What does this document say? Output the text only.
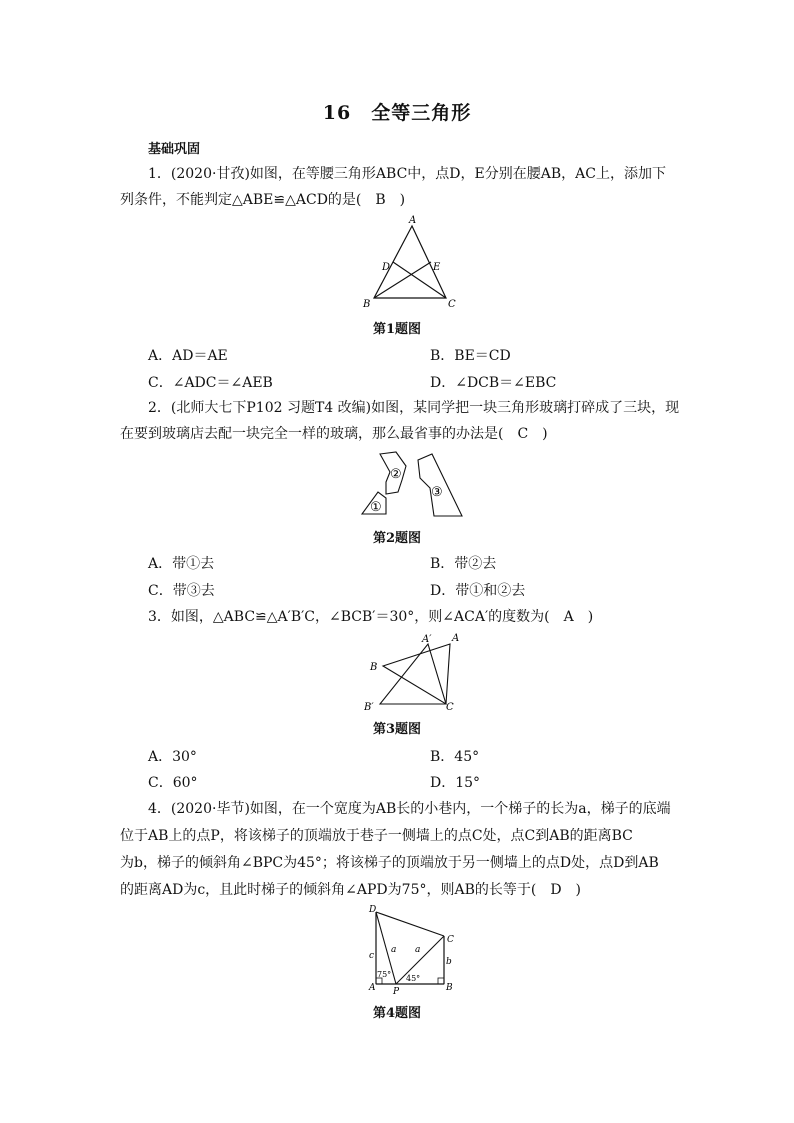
16　全等三角形
基础巩固
1．(2020·甘孜)如图，在等腰三角形ABC中，点D，E分别在腰AB，AC上，添加下
列条件，不能判定△ABE≌△ACD的是(　B　)
A
B	C
D	E
第1题图
A．AD＝AE	B．BE＝CD
C．∠ADC＝∠AEB	D．∠DCB＝∠EBC
2．(北师大七下P102 习题T4 改编)如图，某同学把一块三角形玻璃打碎成了三块，现
在要到玻璃店去配一块完全一样的玻璃，那么最省事的办法是(　C　)
②
①
③
第2题图
A．带①去	B．带②去
C．带③去	D．带①和②去
3．如图，△ABC≌△A′B′C，∠BCB′＝30°，则∠ACA′的度数为(　A　)
A
A′
B
B′	C
第3题图
A．30°	B．45°
C．60°	D．15°
4．(2020·毕节)如图，在一个宽度为AB长的小巷内，一个梯子的长为a，梯子的底端
位于AB上的点P，将该梯子的顶端放于巷子一侧墙上的点C处，点C到AB的距离BC
为b，梯子的倾斜角∠BPC为45°；将该梯子的顶端放于另一侧墙上的点D处，点D到AB
的距离AD为c，且此时梯子的倾斜角∠APD为75°，则AB的长等于(　D　)
D
C
A	B
P
a a
b
c
75° 45°
第4题图
